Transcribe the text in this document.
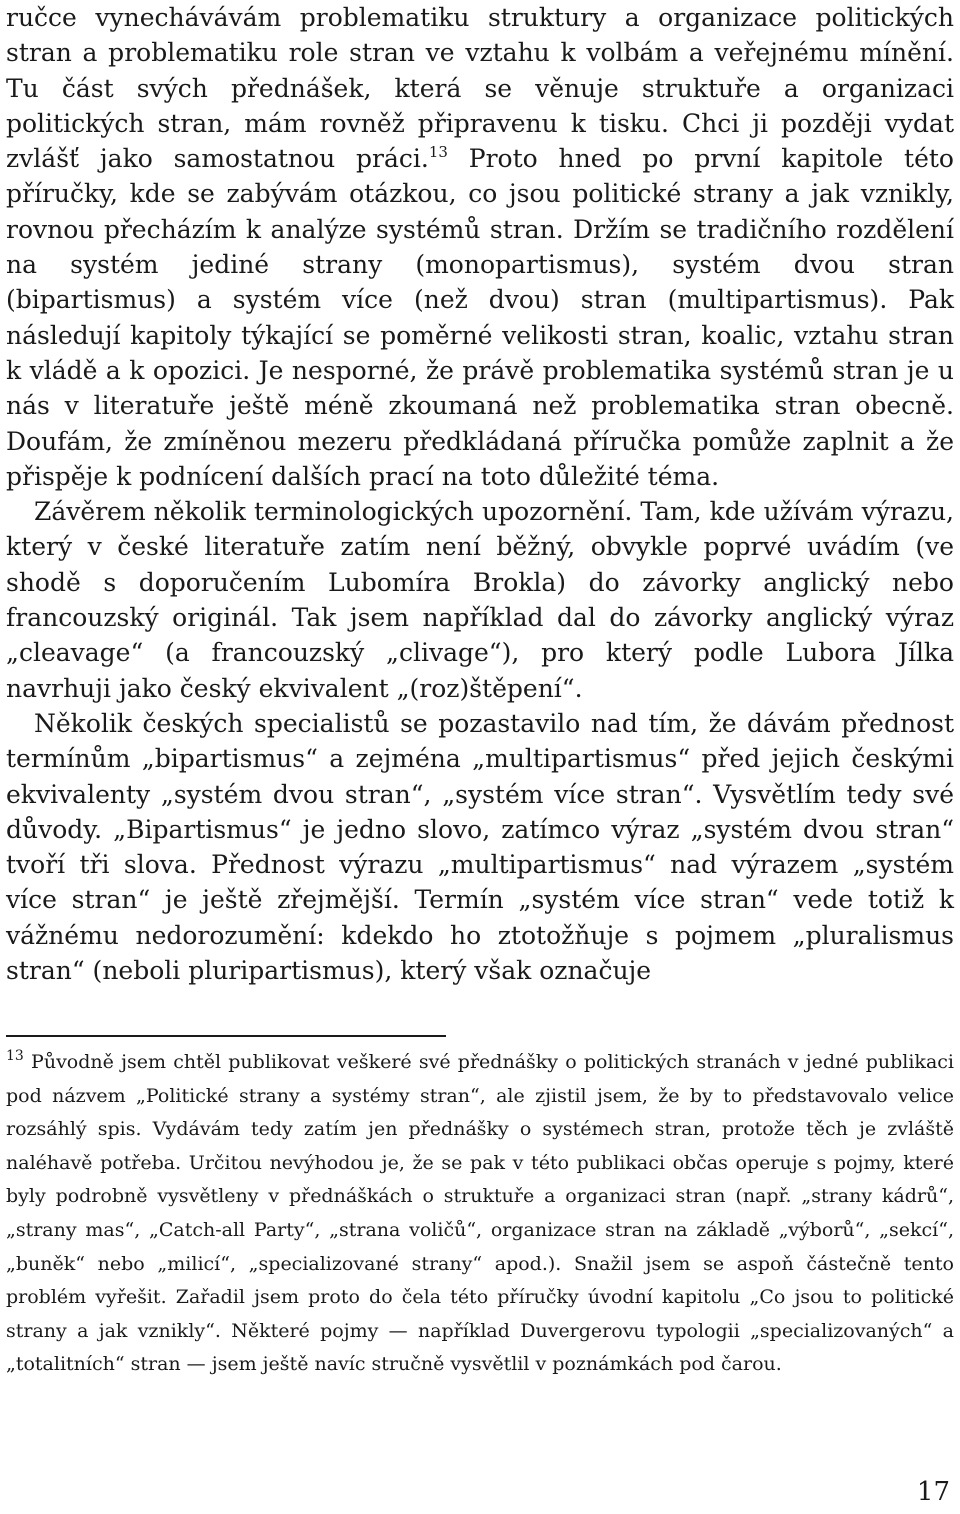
ručce vynechávávám problematiku struktury a organizace politických stran a problematiku role stran ve vztahu k volbám a veřejnému mínění. Tu část svých přednášek, která se věnuje struktuře a organizaci politických stran, mám rovněž připravenu k tisku. Chci ji později vydat zvlášť jako samostatnou práci.$^{13}$ Proto hned po první kapitole této příručky, kde se zabývám otázkou, co jsou politické strany a jak vznikly, rovnou přecházím k analýze systémů stran. Držím se tradičního rozdělení na systém jediné strany (monopartismus), systém dvou stran (bipartismus) a systém více (než dvou) stran (multipartismus). Pak následují kapitoly týkající se poměrné velikosti stran, koalic, vztahu stran k vládě a k opozici. Je nesporné, že právě problematika systémů stran je u nás v literatuře ještě méně zkoumaná než problematika stran obecně. Doufám, že zmíněnou mezeru předkládaná příručka pomůže zaplnit a že přispěje k podnícení dalších prací na toto důležité téma.

Závěrem několik terminologických upozornění. Tam, kde užívám výrazu, který v české literatuře zatím není běžný, obvykle poprvé uvádím (ve shodě s doporučením Lubomíra Brokla) do závorky anglický nebo francouzský originál. Tak jsem například dal do závorky anglický výraz „cleavage“ (a francouzský „clivage“), pro který podle Lubora Jílka navrhuji jako český ekvivalent „(roz)štěpení“.

Několik českých specialistů se pozastavilo nad tím, že dávám přednost termínům „bipartismus“ a zejména „multipartismus“ před jejich českými ekvivalenty „systém dvou stran“, „systém více stran“. Vysvětlím tedy své důvody. „Bipartismus“ je jedno slovo, zatímco výraz „systém dvou stran“ tvoří tři slova. Přednost výrazu „multipartismus“ nad výrazem „systém více stran“ je ještě zřejmější. Termín „systém více stran“ vede totiž k vážnému nedorozumění: kdekdo ho ztotožňuje s pojmem „pluralismus stran“ (neboli pluripartismus), který však označuje

$^{13}$ Původně jsem chtěl publikovat veškeré své přednášky o politických stranách v jedné publikaci pod názvem „Politické strany a systémy stran“, ale zjistil jsem, že by to představovalo velice rozsáhlý spis. Vydávám tedy zatím jen přednášky o systémech stran, protože těch je zvláště naléhavě potřeba. Určitou nevýhodou je, že se pak v této publikaci občas operuje s pojmy, které byly podrobně vysvětleny v přednáškách o struktuře a organizaci stran (např. „strany kádrů“, „strany mas“, „Catch-all Party“, „strana voličů“, organizace stran na základě „výborů“, „sekcí“, „buněk“ nebo „milicí“, „specializované strany“ apod.). Snažil jsem se aspoň částečně tento problém vyřešit. Zařadil jsem proto do čela této příručky úvodní kapitolu „Co jsou to politické strany a jak vznikly“. Některé pojmy — například Duvergerovu typologii „specializovaných“ a „totalitních“ stran — jsem ještě navíc stručně vysvětlil v poznámkách pod čarou.

17
